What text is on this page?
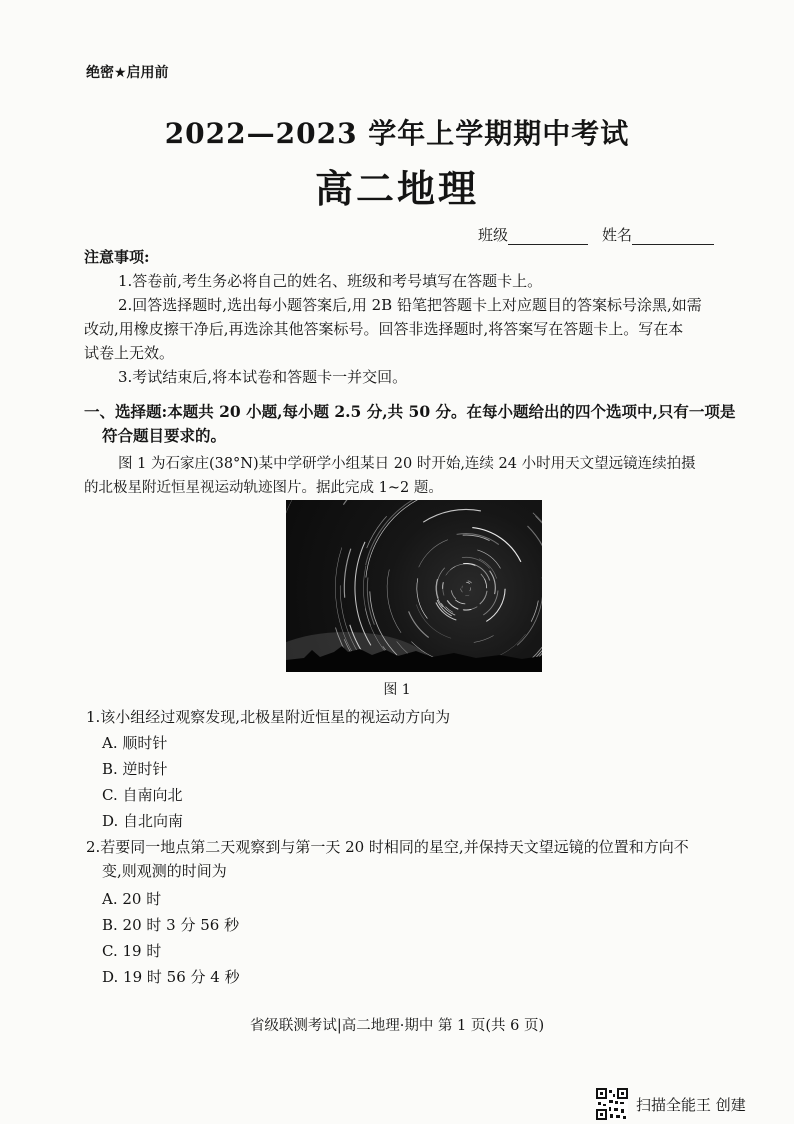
绝密★启用前
2022—2023 学年上学期期中考试
高二地理
班级	姓名
注意事项:
1.答卷前,考生务必将自己的姓名、班级和考号填写在答题卡上。
2.回答选择题时,选出每小题答案后,用 2B 铅笔把答题卡上对应题目的答案标号涂黑,如需
改动,用橡皮擦干净后,再选涂其他答案标号。回答非选择题时,将答案写在答题卡上。写在本
试卷上无效。
3.考试结束后,将本试卷和答题卡一并交回。
一、选择题:本题共 20 小题,每小题 2.5 分,共 50 分。在每小题给出的四个选项中,只有一项是
符合题目要求的。
图 1 为石家庄(38°N)某中学研学小组某日 20 时开始,连续 24 小时用天文望远镜连续拍摄
的北极星附近恒星视运动轨迹图片。据此完成 1~2 题。
图 1
1.该小组经过观察发现,北极星附近恒星的视运动方向为
A. 顺时针
B. 逆时针
C. 自南向北
D. 自北向南
2.若要同一地点第二天观察到与第一天 20 时相同的星空,并保持天文望远镜的位置和方向不
变,则观测的时间为
A. 20 时
B. 20 时 3 分 56 秒
C. 19 时
D. 19 时 56 分 4 秒
省级联测考试|高二地理·期中 第 1 页(共 6 页)
扫描全能王 创建
